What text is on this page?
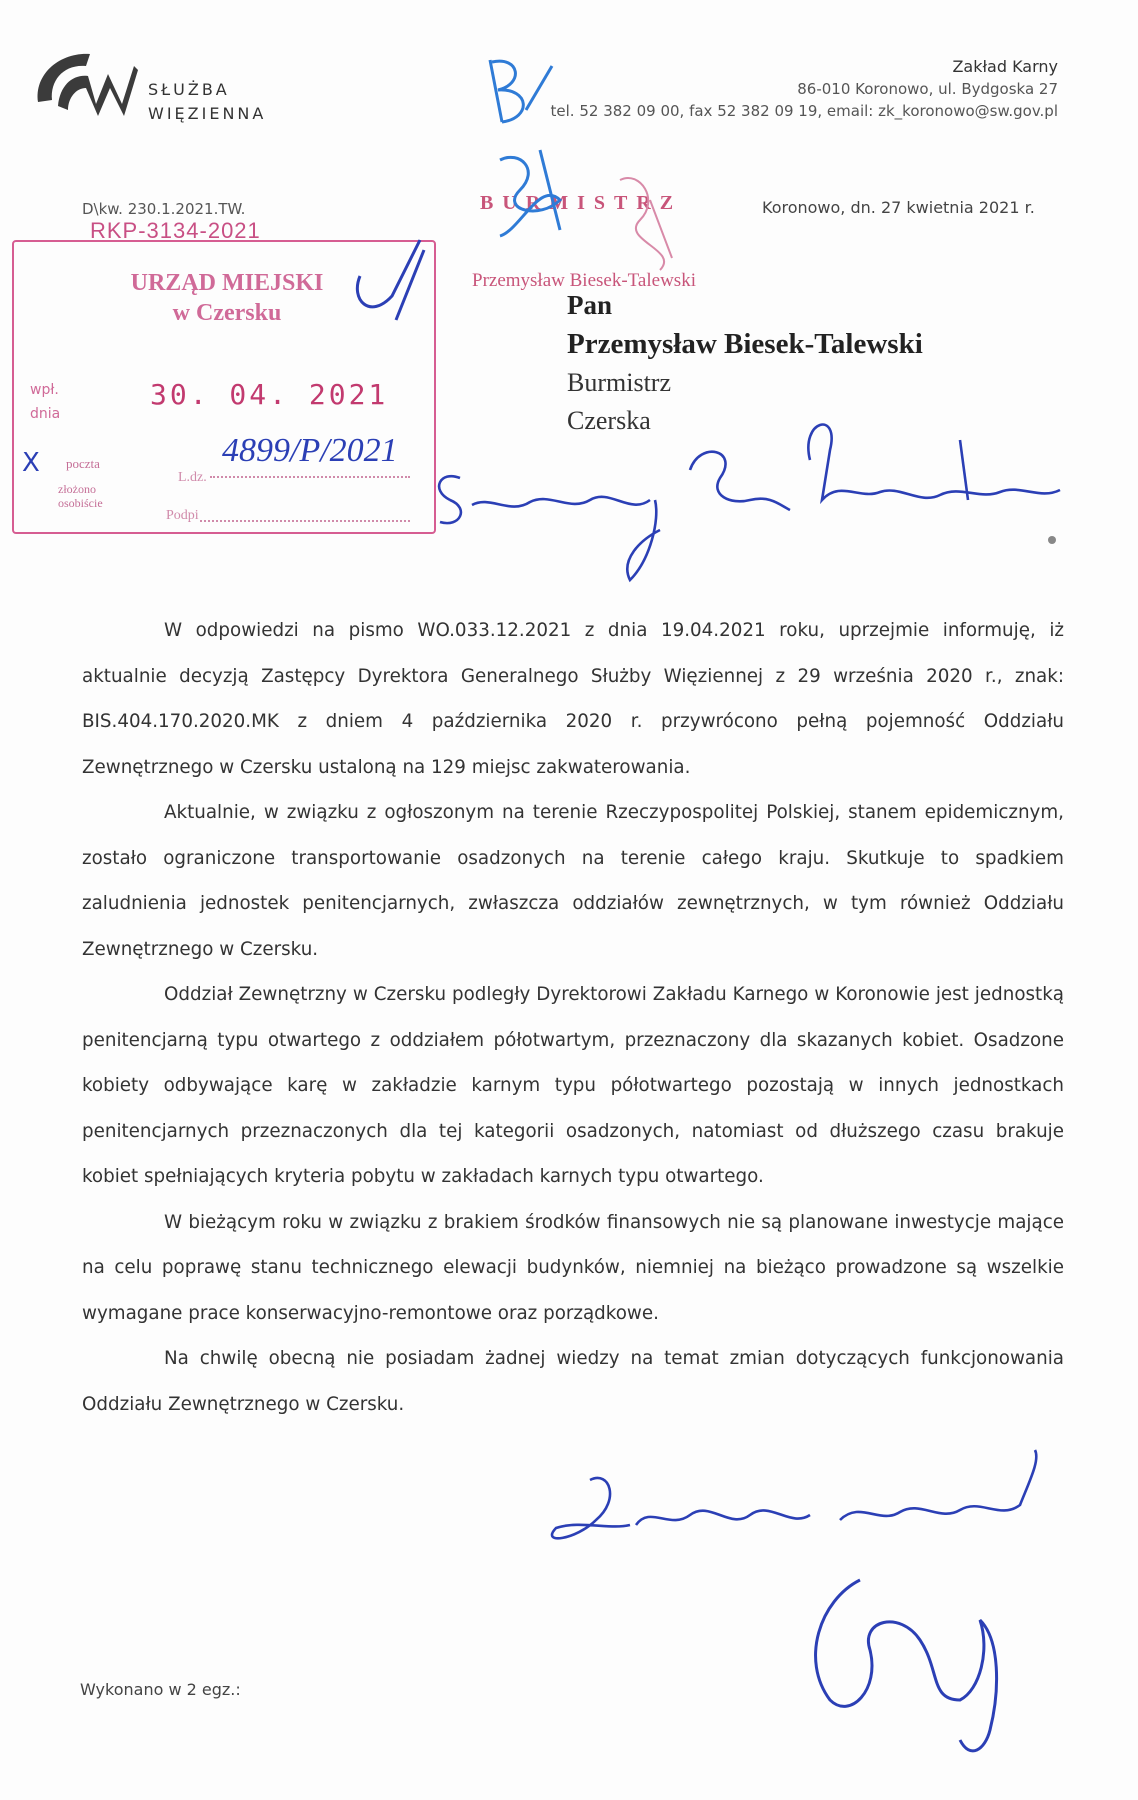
SŁUŻBA
WIĘZIENNA
Zakład Karny
86-010 Koronowo, ul. Bydgoska 27
tel. 52 382 09 00, fax 52 382 09 19, email: zk_koronowo@sw.gov.pl
D\kw. 230.1.2021.TW.	BURMISTRZ
Przemysław Biesek-Talewski
Koronowo, dn. 27 kwietnia 2021 r.
RKP-3134-2021
URZĄD MIEJSKI
w Czersku
wpł.
dnia
30. 04. 2021
4899/P/2021
X poczta
złożono
osobiście
L.dz.
Podpi
Pan
Przemysław Biesek-Talewski
Burmistrz
Czerska

W odpowiedzi na pismo WO.033.12.2021 z dnia 19.04.2021 roku, uprzejmie informuję, iż aktualnie decyzją Zastępcy Dyrektora Generalnego Służby Więziennej z 29 września 2020 r., znak: BIS.404.170.2020.MK z dniem 4 października 2020 r. przywrócono pełną pojemność Oddziału Zewnętrznego w Czersku ustaloną na 129 miejsc zakwaterowania.

Aktualnie, w związku z ogłoszonym na terenie Rzeczypospolitej Polskiej, stanem epidemicznym, zostało ograniczone transportowanie osadzonych na terenie całego kraju. Skutkuje to spadkiem zaludnienia jednostek penitencjarnych, zwłaszcza oddziałów zewnętrznych, w tym również Oddziału Zewnętrznego w Czersku.

Oddział Zewnętrzny w Czersku podległy Dyrektorowi Zakładu Karnego w Koronowie jest jednostką penitencjarną typu otwartego z oddziałem półotwartym, przeznaczony dla skazanych kobiet. Osadzone kobiety odbywające karę w zakładzie karnym typu półotwartego pozostają w innych jednostkach penitencjarnych przeznaczonych dla tej kategorii osadzonych, natomiast od dłuższego czasu brakuje kobiet spełniających kryteria pobytu w zakładach karnych typu otwartego.

W bieżącym roku w związku z brakiem środków finansowych nie są planowane inwestycje mające na celu poprawę stanu technicznego elewacji budynków, niemniej na bieżąco prowadzone są wszelkie wymagane prace konserwacyjno-remontowe oraz porządkowe.

Na chwilę obecną nie posiadam żadnej wiedzy na temat zmian dotyczących funkcjonowania Oddziału Zewnętrznego w Czersku.

Wykonano w 2 egz.:
